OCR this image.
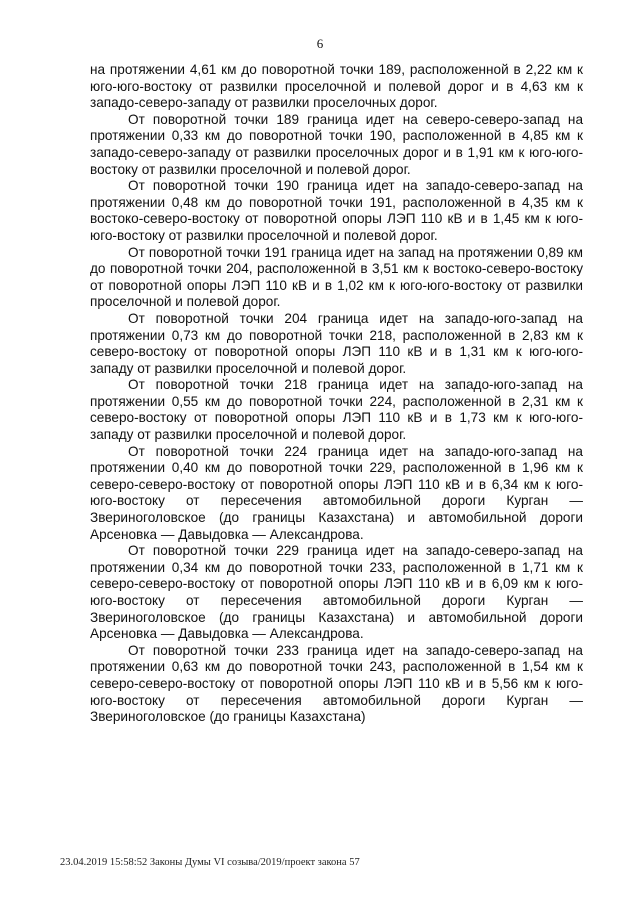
6

на протяжении 4,61 км до поворотной точки 189, расположенной в 2,22 км к юго-юго-востоку от развилки проселочной и полевой дорог и в 4,63 км к западо-северо-западу от развилки проселочных дорог.

От поворотной точки 189 граница идет на северо-северо-запад на протяжении 0,33 км до поворотной точки 190, расположенной в 4,85 км к западо-северо-западу от развилки проселочных дорог и в 1,91 км к юго-юго-востоку от развилки проселочной и полевой дорог.

От поворотной точки 190 граница идет на западо-северо-запад на протяжении 0,48 км до поворотной точки 191, расположенной в 4,35 км к востоко-северо-востоку от поворотной опоры ЛЭП 110 кВ и в 1,45 км к юго-юго-востоку от развилки проселочной и полевой дорог.

От поворотной точки 191 граница идет на запад на протяжении 0,89 км до поворотной точки 204, расположенной в 3,51 км к востоко-северо-востоку от поворотной опоры ЛЭП 110 кВ и в 1,02 км к юго-юго-востоку от развилки проселочной и полевой дорог.

От поворотной точки 204 граница идет на западо-юго-запад на протяжении 0,73 км до поворотной точки 218, расположенной в 2,83 км к северо-востоку от поворотной опоры ЛЭП 110 кВ и в 1,31 км к юго-юго-западу от развилки проселочной и полевой дорог.

От поворотной точки 218 граница идет на западо-юго-запад на протяжении 0,55 км до поворотной точки 224, расположенной в 2,31 км к северо-востоку от поворотной опоры ЛЭП 110 кВ и в 1,73 км к юго-юго-западу от развилки проселочной и полевой дорог.

От поворотной точки 224 граница идет на западо-юго-запад на протяжении 0,40 км до поворотной точки 229, расположенной в 1,96 км к северо-северо-востоку от поворотной опоры ЛЭП 110 кВ и в 6,34 км к юго-юго-востоку от пересечения автомобильной дороги Курган — Звериноголовское (до границы Казахстана) и автомобильной дороги Арсеновка — Давыдовка — Александрова.

От поворотной точки 229 граница идет на западо-северо-запад на протяжении 0,34 км до поворотной точки 233, расположенной в 1,71 км к северо-северо-востоку от поворотной опоры ЛЭП 110 кВ и в 6,09 км к юго-юго-востоку от пересечения автомобильной дороги Курган — Звериноголовское (до границы Казахстана) и автомобильной дороги Арсеновка — Давыдовка — Александрова.

От поворотной точки 233 граница идет на западо-северо-запад на протяжении 0,63 км до поворотной точки 243, расположенной в 1,54 км к северо-северо-востоку от поворотной опоры ЛЭП 110 кВ и в 5,56 км к юго-юго-востоку от пересечения автомобильной дороги Курган — Звериноголовское (до границы Казахстана)

23.04.2019 15:58:52 Законы Думы VI созыва/2019/проект закона 57
